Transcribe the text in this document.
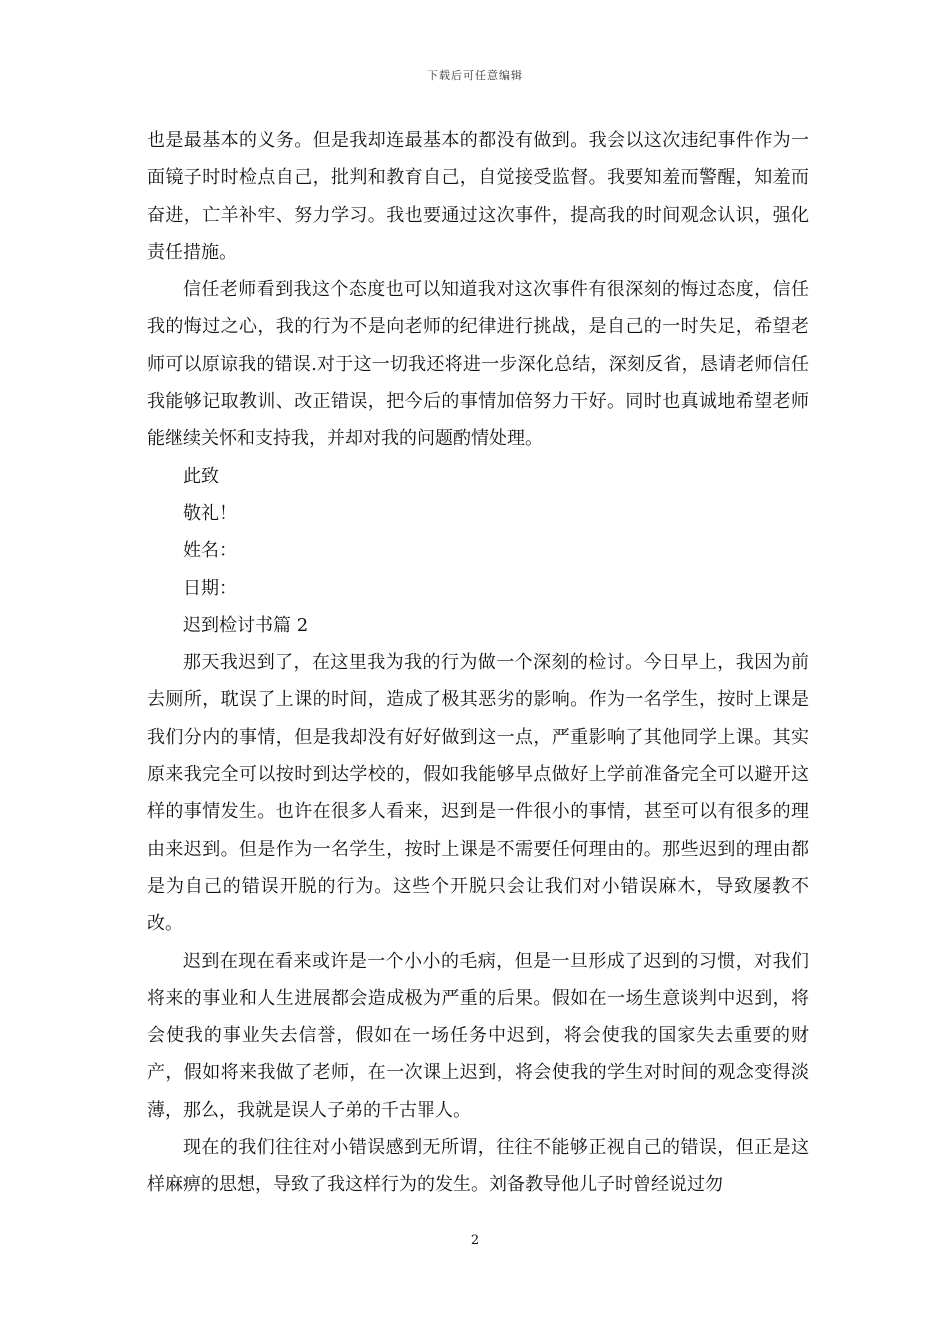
下载后可任意编辑

也是最基本的义务。但是我却连最基本的都没有做到。我会以这次违纪事件作为一面镜子时时检点自己，批判和教育自己，自觉接受监督。我要知羞而警醒，知羞而奋进，亡羊补牢、努力学习。我也要通过这次事件，提高我的时间观念认识，强化责任措施。

信任老师看到我这个态度也可以知道我对这次事件有很深刻的悔过态度，信任我的悔过之心，我的行为不是向老师的纪律进行挑战，是自己的一时失足，希望老师可以原谅我的错误.对于这一切我还将进一步深化总结，深刻反省，恳请老师信任我能够记取教训、改正错误，把今后的事情加倍努力干好。同时也真诚地希望老师能继续关怀和支持我，并却对我的问题酌情处理。

此致

敬礼！

姓名：

日期：

迟到检讨书篇 2

那天我迟到了，在这里我为我的行为做一个深刻的检讨。今日早上，我因为前去厕所，耽误了上课的时间，造成了极其恶劣的影响。作为一名学生，按时上课是我们分内的事情，但是我却没有好好做到这一点，严重影响了其他同学上课。其实原来我完全可以按时到达学校的，假如我能够早点做好上学前准备完全可以避开这样的事情发生。也许在很多人看来，迟到是一件很小的事情，甚至可以有很多的理由来迟到。但是作为一名学生，按时上课是不需要任何理由的。那些迟到的理由都是为自己的错误开脱的行为。这些个开脱只会让我们对小错误麻木，导致屡教不改。

迟到在现在看来或许是一个小小的毛病，但是一旦形成了迟到的习惯，对我们将来的事业和人生进展都会造成极为严重的后果。假如在一场生意谈判中迟到，将会使我的事业失去信誉，假如在一场任务中迟到，将会使我的国家失去重要的财产，假如将来我做了老师，在一次课上迟到，将会使我的学生对时间的观念变得淡薄，那么，我就是误人子弟的千古罪人。

现在的我们往往对小错误感到无所谓，往往不能够正视自己的错误，但正是这样麻痹的思想，导致了我这样行为的发生。刘备教导他儿子时曾经说过勿

2
